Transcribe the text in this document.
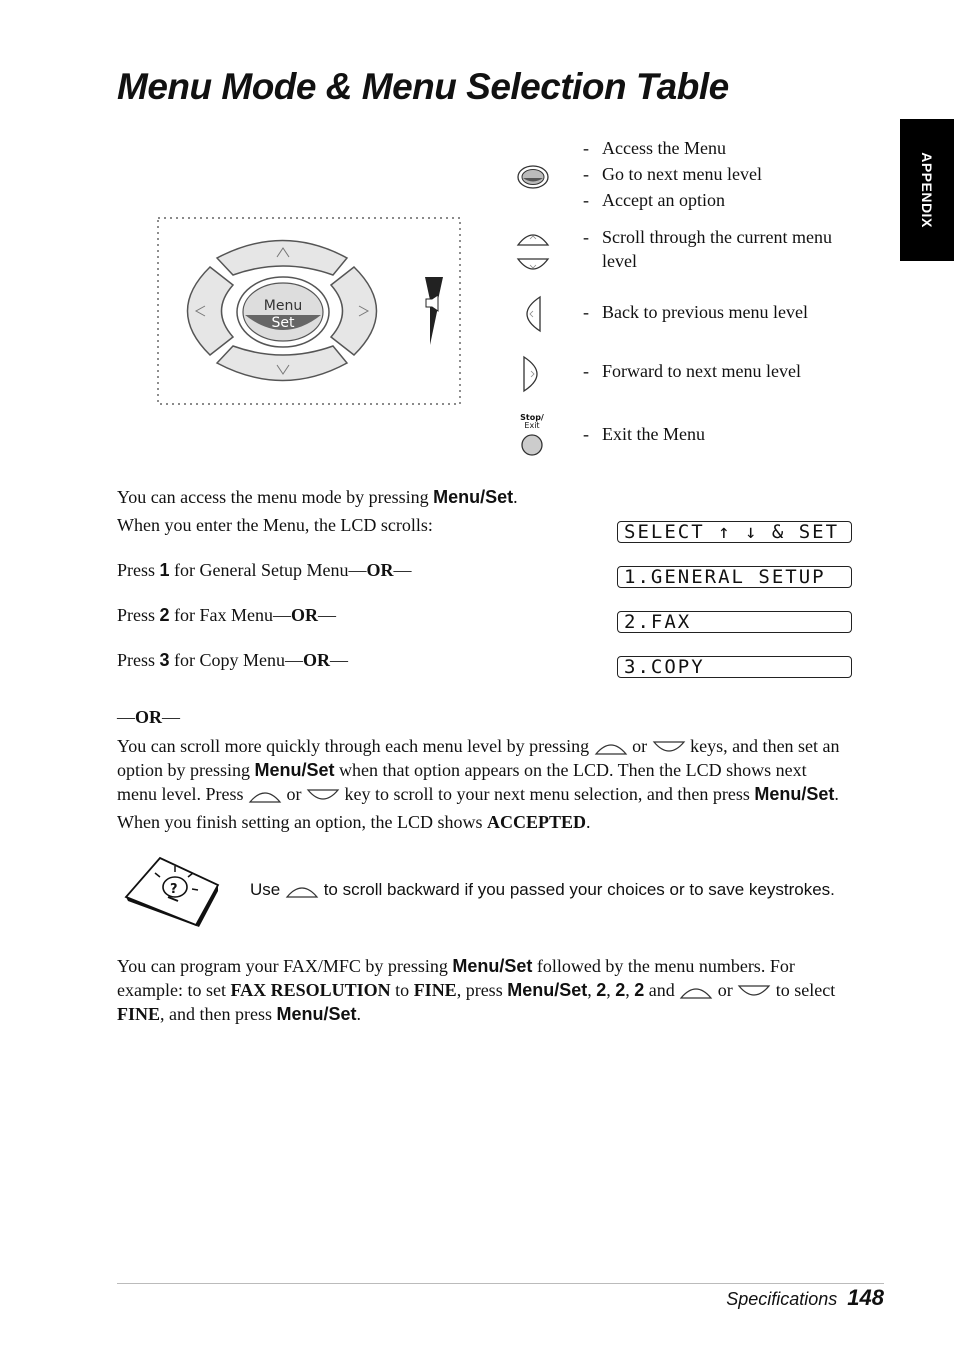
Menu Mode & Menu Selection Table
APPENDIX
Menu
Set
Stop/
Exit
- Access the Menu
- Go to next menu level
- Accept an option
- Scroll through the current menu
level
- Back to previous menu level
- Forward to next menu level
- Exit the Menu
You can access the menu mode by pressing Menu/Set.
When you enter the Menu, the LCD scrolls:
Press 1 for General Setup Menu—OR—
Press 2 for Fax Menu—OR—
Press 3 for Copy Menu—OR—
SELECT ↑ ↓ & SET
1.GENERAL SETUP
2.FAX
3.COPY
—OR—
You can scroll more quickly through each menu level by pressing or keys, and then set an
option by pressing Menu/Set when that option appears on the LCD. Then the LCD shows next
menu level. Press or key to scroll to your next menu selection, and then press Menu/Set.
When you finish setting an option, the LCD shows ACCEPTED.
?	Use	to scroll backward if you passed your choices or to save keystrokes.
You can program your FAX/MFC by pressing Menu/Set followed by the menu numbers. For
example: to set FAX RESOLUTION to FINE, press Menu/Set, 2, 2, 2 and or to select
FINE, and then press Menu/Set.
Specifications 148
